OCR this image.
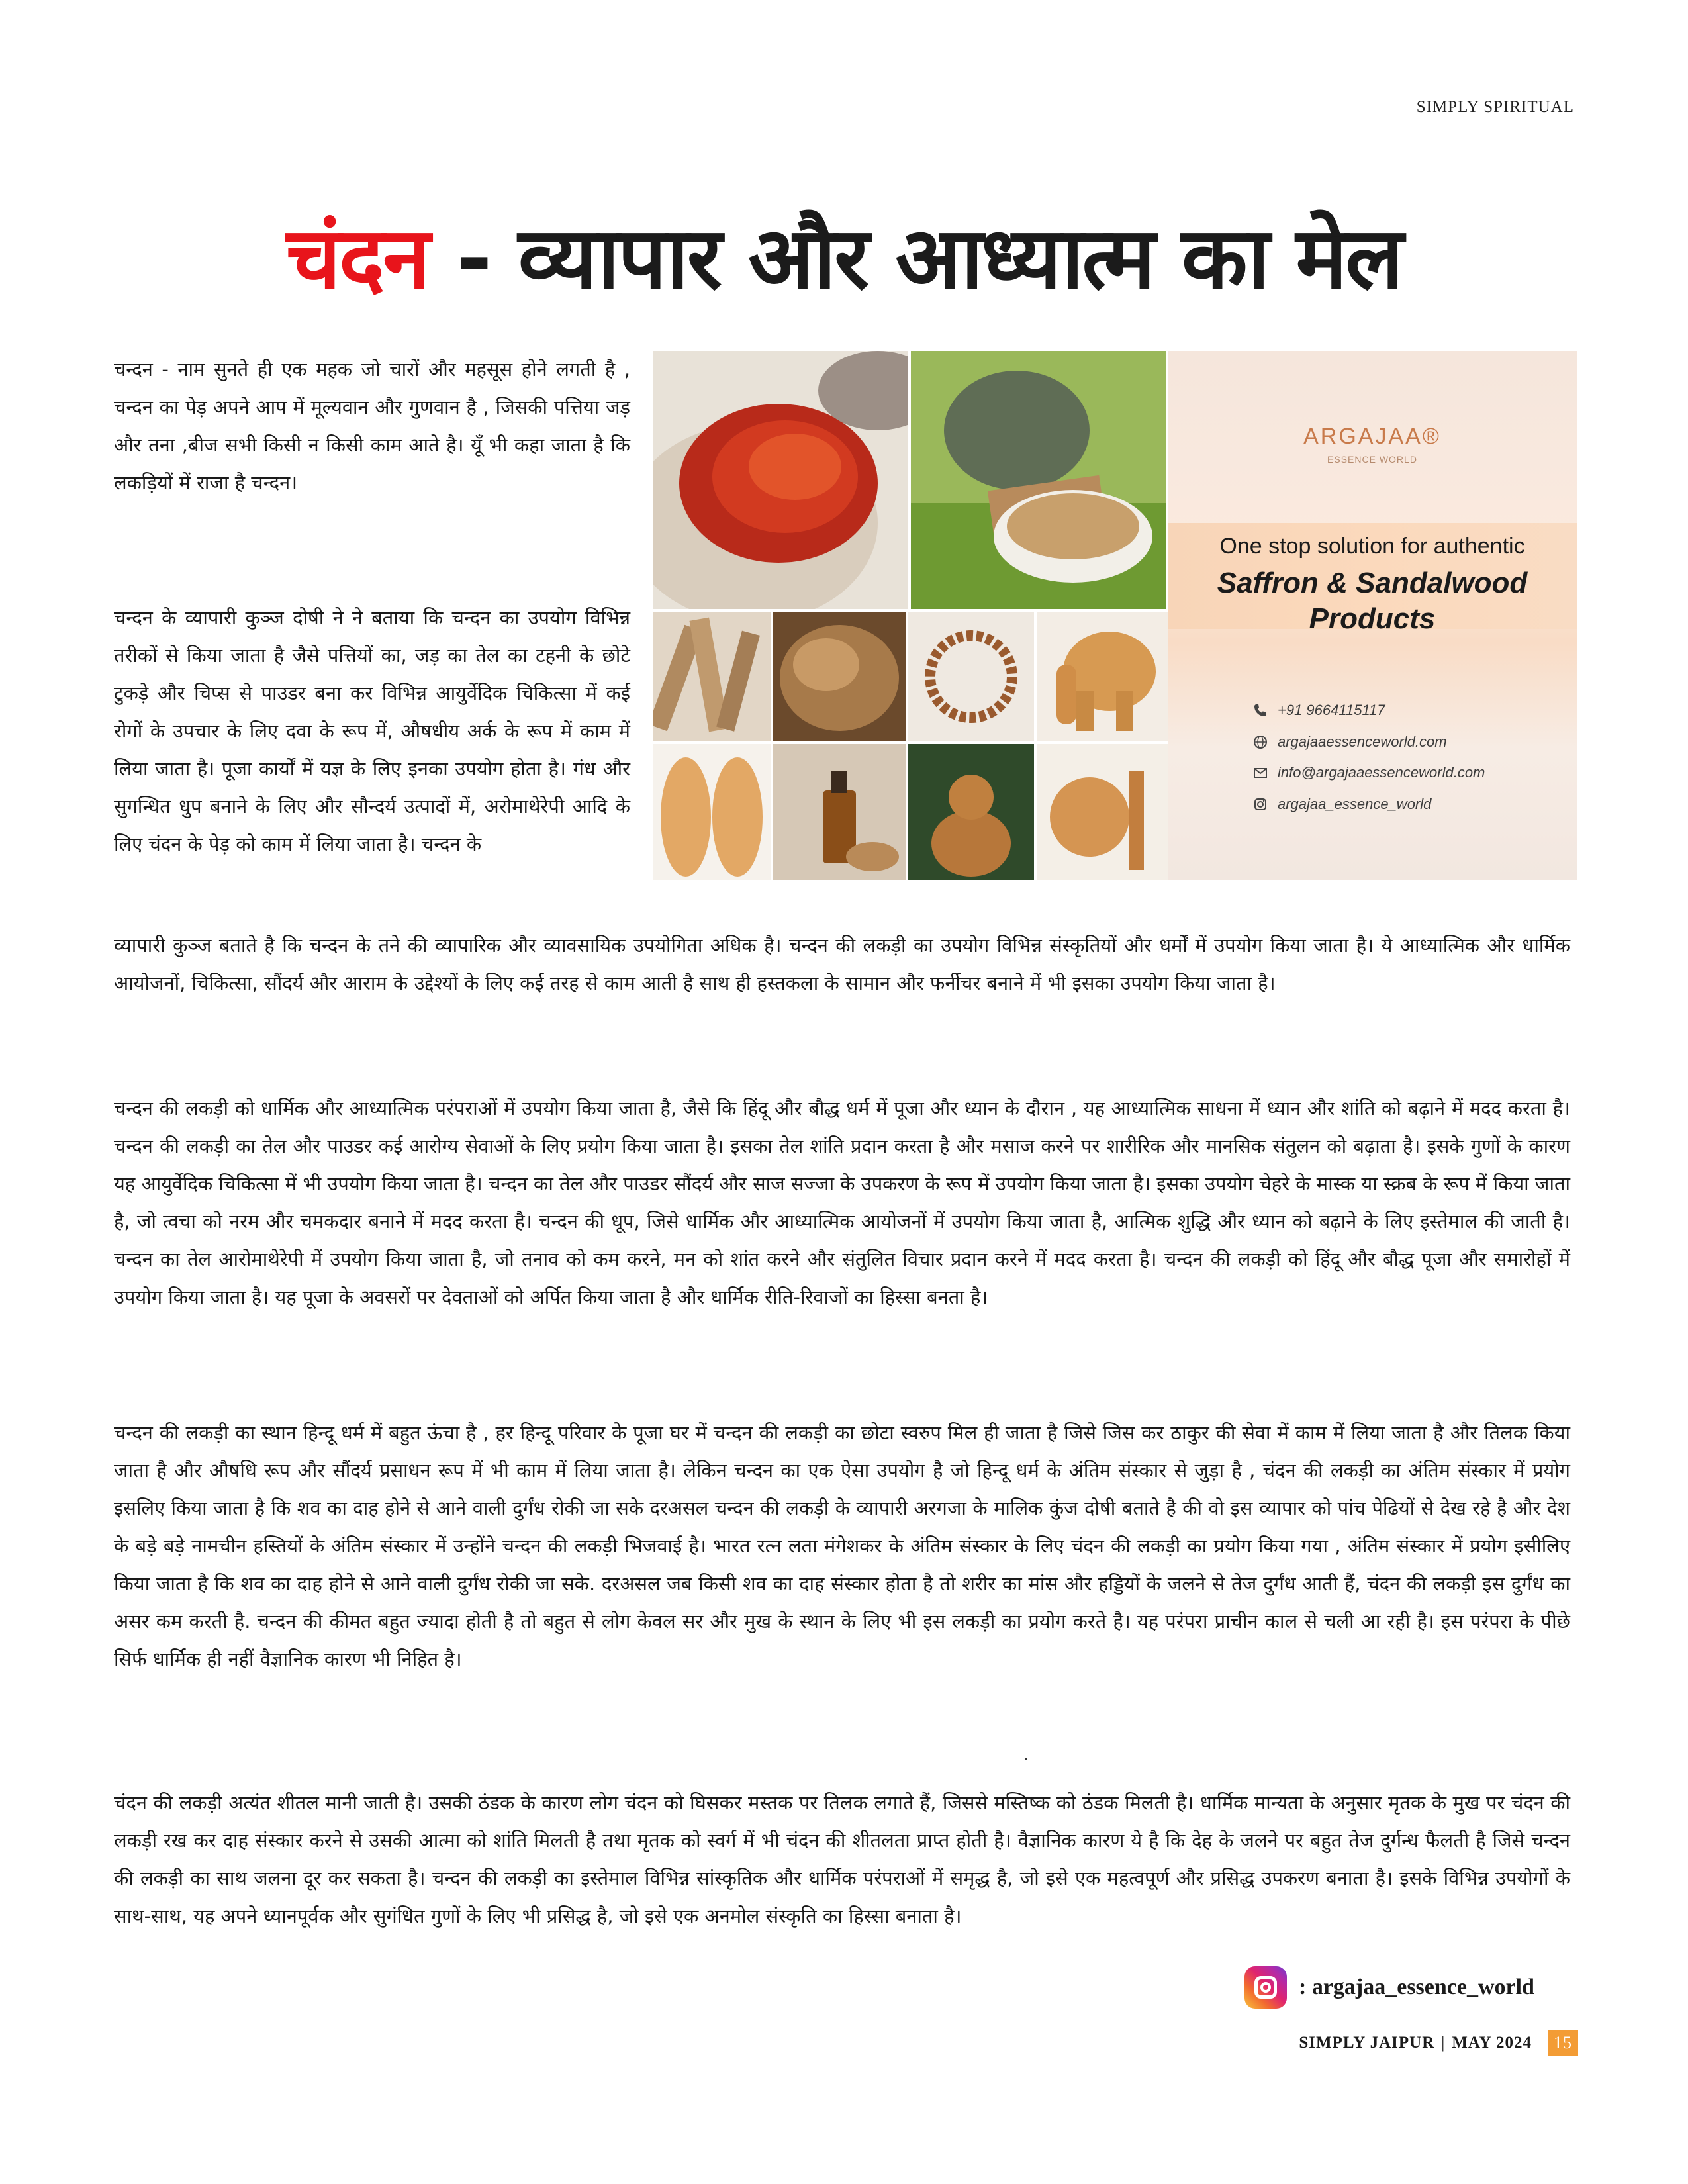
SIMPLY SPIRITUAL
चंदन - व्यापार और आध्यात्म का मेल

चन्दन - नाम सुनते ही एक महक जो चारों और महसूस होने लगती है , चन्दन का पेड़ अपने आप में मूल्यवान और गुणवान है , जिसकी पत्तिया जड़ और तना ,बीज सभी किसी न किसी काम आते है। यूँ भी कहा जाता है कि लकड़ियों में राजा है चन्दन।

चन्दन के व्यापारी कुञ्ज दोषी ने ने बताया कि चन्दन का उपयोग विभिन्न तरीकों से किया जाता है जैसे पत्तियों का, जड़ का तेल का टहनी के छोटे टुकड़े और चिप्स से पाउडर बना कर विभिन्न आयुर्वेदिक चिकित्सा में कई रोगों के उपचार के लिए दवा के रूप में, औषधीय अर्क के रूप में काम में लिया जाता है। पूजा कार्यों में यज्ञ के लिए इनका उपयोग होता है। गंध और सुगन्धित धुप बनाने के लिए और सौन्दर्य उत्पादों में, अरोमाथेरेपी आदि के लिए चंदन के पेड़ को काम में लिया जाता है। चन्दन के

व्यापारी कुञ्ज बताते है कि चन्दन के तने की व्यापारिक और व्यावसायिक उपयोगिता अधिक है। चन्दन की लकड़ी का उपयोग विभिन्न संस्कृतियों और धर्मों में उपयोग किया जाता है। ये आध्यात्मिक और धार्मिक आयोजनों, चिकित्सा, सौंदर्य और आराम के उद्देश्यों के लिए कई तरह से काम आती है साथ ही हस्तकला के सामान और फर्नीचर बनाने में भी इसका उपयोग किया जाता है।

चन्दन की लकड़ी को धार्मिक और आध्यात्मिक परंपराओं में उपयोग किया जाता है, जैसे कि हिंदू और बौद्ध धर्म में पूजा और ध्यान के दौरान , यह आध्यात्मिक साधना में ध्यान और शांति को बढ़ाने में मदद करता है। चन्दन की लकड़ी का तेल और पाउडर कई आरोग्य सेवाओं के लिए प्रयोग किया जाता है। इसका तेल शांति प्रदान करता है और मसाज करने पर शारीरिक और मानसिक संतुलन को बढ़ाता है। इसके गुणों के कारण यह आयुर्वेदिक चिकित्सा में भी उपयोग किया जाता है। चन्दन का तेल और पाउडर सौंदर्य और साज सज्जा के उपकरण के रूप में उपयोग किया जाता है। इसका उपयोग चेहरे के मास्क या स्क्रब के रूप में किया जाता है, जो त्वचा को नरम और चमकदार बनाने में मदद करता है। चन्दन की धूप, जिसे धार्मिक और आध्यात्मिक आयोजनों में उपयोग किया जाता है, आत्मिक शुद्धि और ध्यान को बढ़ाने के लिए इस्तेमाल की जाती है। चन्दन का तेल आरोमाथेरेपी में उपयोग किया जाता है, जो तनाव को कम करने, मन को शांत करने और संतुलित विचार प्रदान करने में मदद करता है। चन्दन की लकड़ी को हिंदू और बौद्ध पूजा और समारोहों में उपयोग किया जाता है। यह पूजा के अवसरों पर देवताओं को अर्पित किया जाता है और धार्मिक रीति-रिवाजों का हिस्सा बनता है।

चन्दन की लकड़ी का स्थान हिन्दू धर्म में बहुत ऊंचा है , हर हिन्दू परिवार के पूजा घर में चन्दन की लकड़ी का छोटा स्वरुप मिल ही जाता है जिसे जिस कर ठाकुर की सेवा में काम में लिया जाता है और तिलक किया जाता है और औषधि रूप और सौंदर्य प्रसाधन रूप में भी काम में लिया जाता है। लेकिन चन्दन का एक ऐसा उपयोग है जो हिन्दू धर्म के अंतिम संस्कार से जुड़ा है , चंदन की लकड़ी का अंतिम संस्कार में प्रयोग इसलिए किया जाता है कि शव का दाह होने से आने वाली दुर्गंध रोकी जा सके दरअसल चन्दन की लकड़ी के व्यापारी अरगजा के मालिक कुंज दोषी बताते है की वो इस व्यापार को पांच पेढियों से देख रहे है और देश के बड़े बड़े नामचीन हस्तियों के अंतिम संस्कार में उन्होंने चन्दन की लकड़ी भिजवाई है। भारत रत्न लता मंगेशकर के अंतिम संस्कार के लिए चंदन की लकड़ी का प्रयोग किया गया , अंतिम संस्कार में प्रयोग इसीलिए किया जाता है कि शव का दाह होने से आने वाली दुर्गंध रोकी जा सके. दरअसल जब किसी शव का दाह संस्कार होता है तो शरीर का मांस और हड्डियों के जलने से तेज दुर्गंध आती हैं, चंदन की लकड़ी इस दुर्गंध का असर कम करती है. चन्दन की कीमत बहुत ज्यादा होती है तो बहुत से लोग केवल सर और मुख के स्थान के लिए भी इस लकड़ी का प्रयोग करते है। यह परंपरा प्राचीन काल से चली आ रही है। इस परंपरा के पीछे सिर्फ धार्मिक ही नहीं वैज्ञानिक कारण भी निहित है।

चंदन की लकड़ी अत्यंत शीतल मानी जाती है। उसकी ठंडक के कारण लोग चंदन को घिसकर मस्तक पर तिलक लगाते हैं, जिससे मस्तिष्क को ठंडक मिलती है। धार्मिक मान्यता के अनुसार मृतक के मुख पर चंदन की लकड़ी रख कर दाह संस्कार करने से उसकी आत्मा को शांति मिलती है तथा मृतक को स्वर्ग में भी चंदन की शीतलता प्राप्त होती है। वैज्ञानिक कारण ये है कि देह के जलने पर बहुत तेज दुर्गन्ध फैलती है जिसे चन्दन की लकड़ी का साथ जलना दूर कर सकता है। चन्दन की लकड़ी का इस्तेमाल विभिन्न सांस्कृतिक और धार्मिक परंपराओं में समृद्ध है, जो इसे एक महत्वपूर्ण और प्रसिद्ध उपकरण बनाता है। इसके विभिन्न उपयोगों के साथ-साथ, यह अपने ध्यानपूर्वक और सुगंधित गुणों के लिए भी प्रसिद्ध है, जो इसे एक अनमोल संस्कृति का हिस्सा बनाता है।

ARGAJAA®
ESSENCE WORLD
One stop solution for authentic
Saffron & Sandalwood
Products
+91 9664115117
argajaaessenceworld.com
info@argajaaessenceworld.com
argajaa_essence_world
: argajaa_essence_world
SIMPLY JAIPUR | MAY 2024	15
